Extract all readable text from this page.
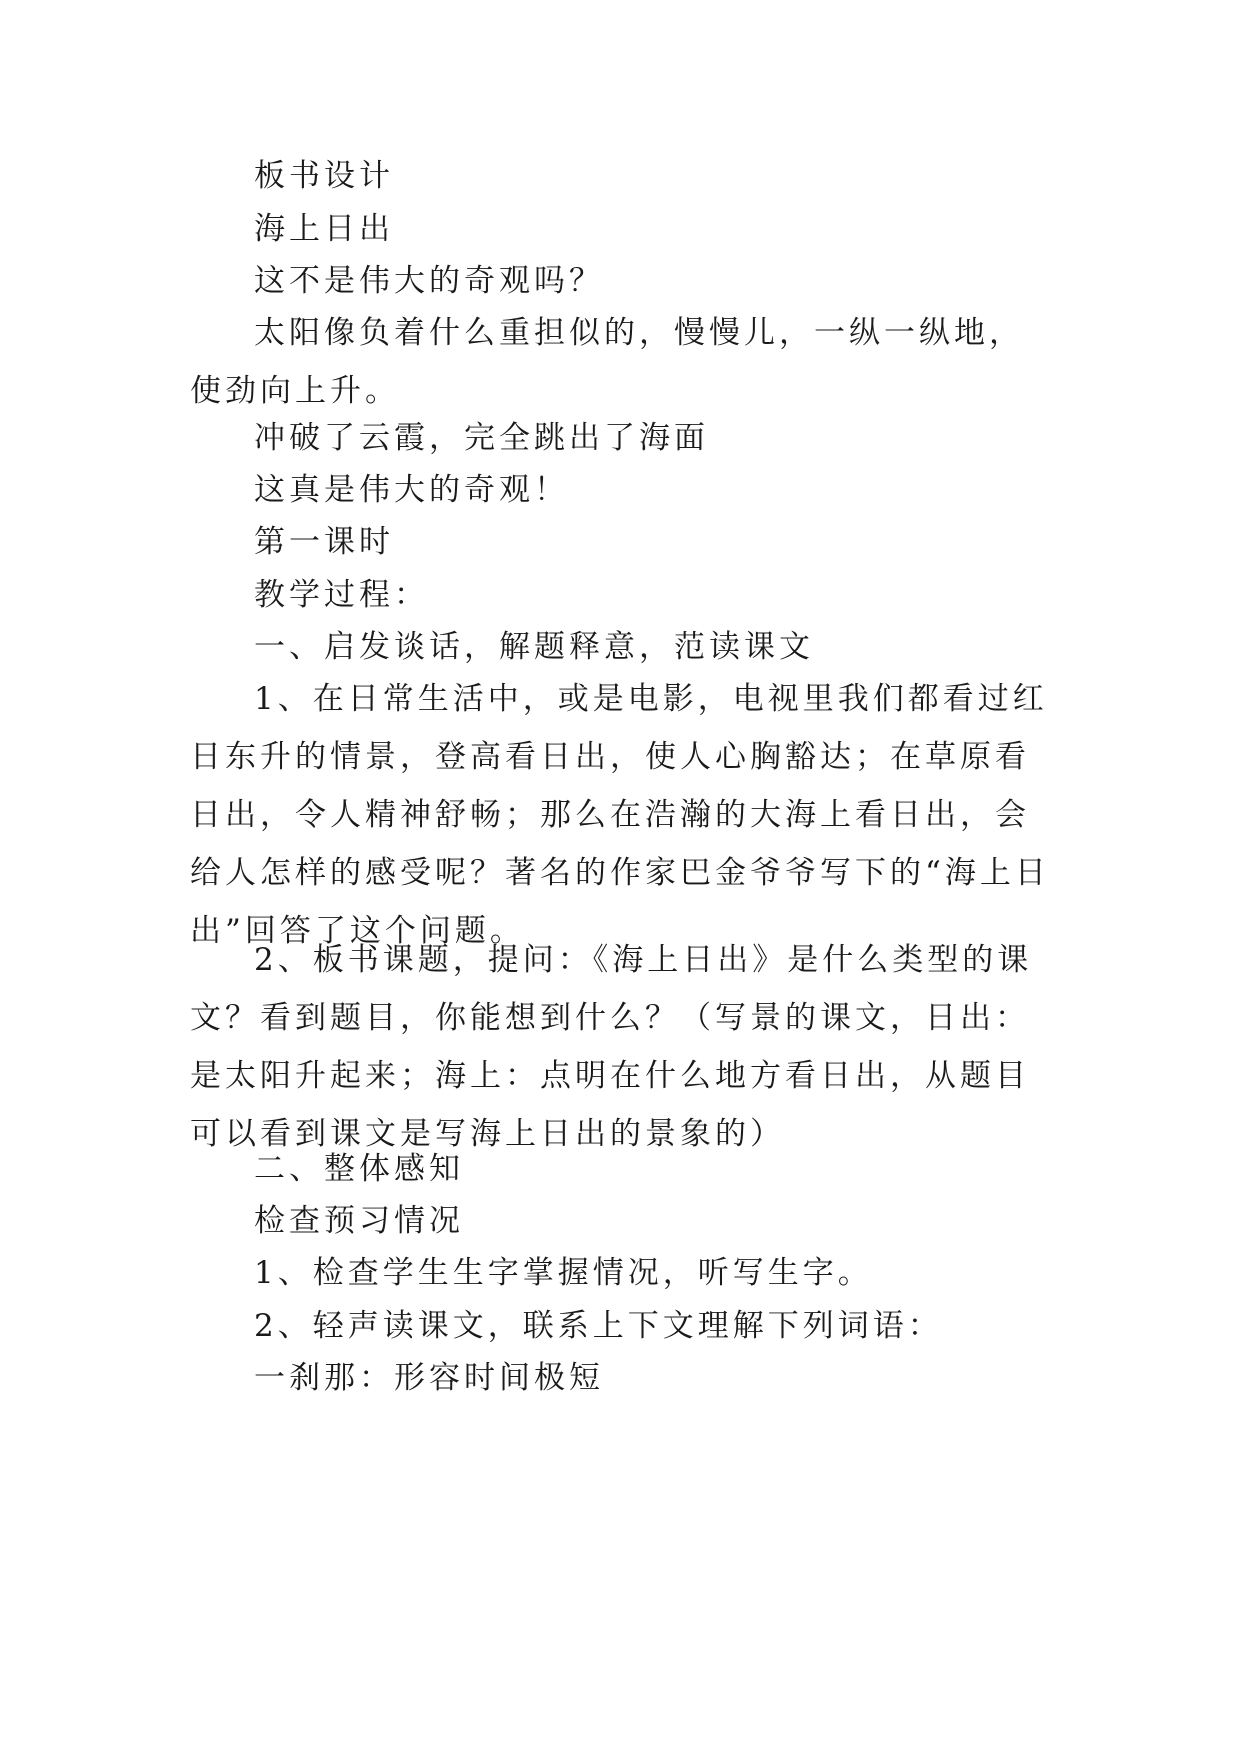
板书设计
海上日出
这不是伟大的奇观吗？
太阳像负着什么重担似的，慢慢儿，一纵一纵地，使劲向上升。
冲破了云霞，完全跳出了海面
这真是伟大的奇观！
第一课时
教学过程：
一、启发谈话，解题释意，范读课文
1、在日常生活中，或是电影，电视里我们都看过红日东升的情景，登高看日出，使人心胸豁达；在草原看日出，令人精神舒畅；那么在浩瀚的大海上看日出，会给人怎样的感受呢？著名的作家巴金爷爷写下的“海上日出”回答了这个问题。
2、板书课题，提问：《海上日出》是什么类型的课文？看到题目，你能想到什么？（写景的课文，日出：是太阳升起来；海上：点明在什么地方看日出，从题目可以看到课文是写海上日出的景象的）
二、整体感知
检查预习情况
1、检查学生生字掌握情况，听写生字。
2、轻声读课文，联系上下文理解下列词语：
一刹那：形容时间极短
